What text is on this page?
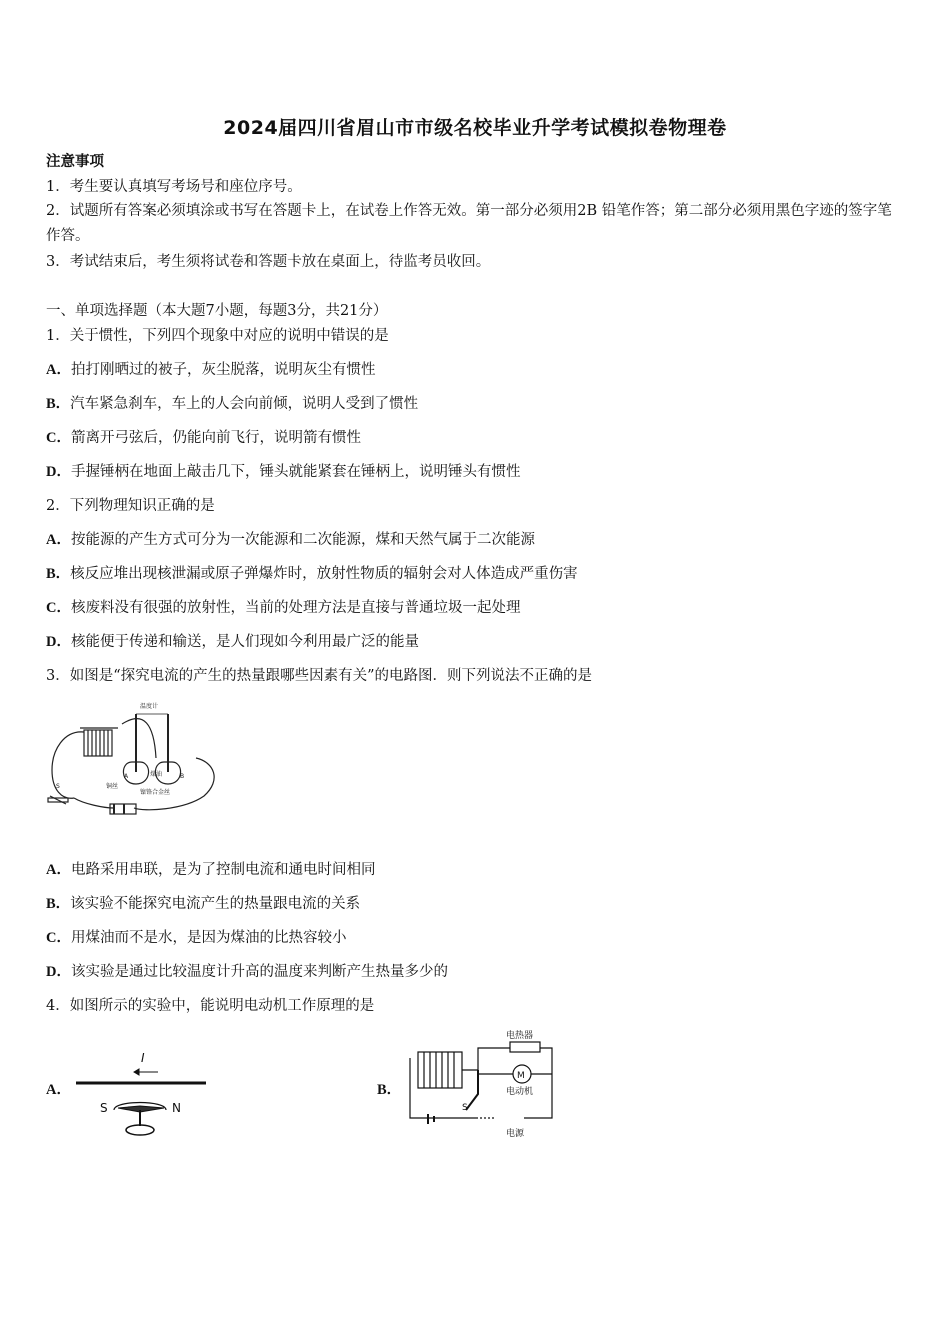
2024届四川省眉山市市级名校毕业升学考试模拟卷物理卷
注意事项
1．考生要认真填写考场号和座位序号。
2．试题所有答案必须填涂或书写在答题卡上，在试卷上作答无效。第一部分必须用2B 铅笔作答；第二部分必须用黑色字迹的签字笔作答。
3．考试结束后，考生须将试卷和答题卡放在桌面上，待监考员收回。
一、单项选择题（本大题7小题，每题3分，共21分）
1．关于惯性，下列四个现象中对应的说明中错误的是
A．拍打刚晒过的被子，灰尘脱落，说明灰尘有惯性
B．汽车紧急刹车，车上的人会向前倾，说明人受到了惯性
C．箭离开弓弦后，仍能向前飞行，说明箭有惯性
D．手握锤柄在地面上敲击几下，锤头就能紧套在锤柄上，说明锤头有惯性
2．下列物理知识正确的是
A．按能源的产生方式可分为一次能源和二次能源，煤和天然气属于二次能源
B．核反应堆出现核泄漏或原子弹爆炸时，放射性物质的辐射会对人体造成严重伤害
C．核废料没有很强的放射性，当前的处理方法是直接与普通垃圾一起处理
D．核能便于传递和输送，是人们现如今利用最广泛的能量
3．如图是“探究电流的产生的热量跟哪些因素有关”的电路图．则下列说法不正确的是
温度计
煤油
铜丝
镍铬合金丝
S
A	B
A．电路采用串联，是为了控制电流和通电时间相同
B．该实验不能探究电流产生的热量跟电流的关系
C．用煤油而不是水，是因为煤油的比热容较小
D．该实验是通过比较温度计升高的温度来判断产生热量多少的
4．如图所示的实验中，能说明电动机工作原理的是
A．
I
S	N
B．
电热器
M
电动机
电源
S
